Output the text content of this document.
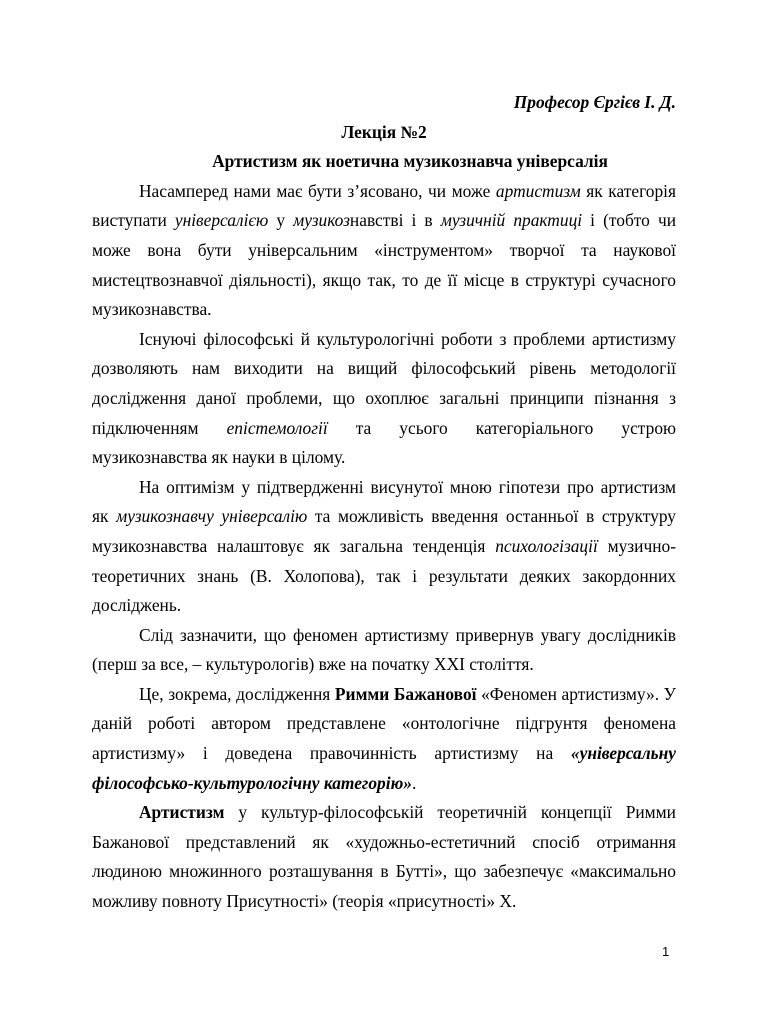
Професор Єргієв І. Д.
Лекція №2
Артистизм як ноетична музикознавча універсалія

Насамперед нами має бути з’ясовано, чи може артистизм як категорія виступати універсалією у музикознавстві і в музичній практиці і (тобто чи може вона бути універсальним «інструментом» творчої та наукової мистецтвознавчої діяльності), якщо так, то де її місце в структурі сучасного музикознавства.

Існуючі філософські й культурологічні роботи з проблеми артистизму дозволяють нам виходити на вищий філософський рівень методології дослідження даної проблеми, що охоплює загальні принципи пізнання з підключенням епістемології та усього категоріального устрою музикознавства як науки в цілому.

На оптимізм у підтвердженні висунутої мною гіпотези про артистизм як музикознавчу універсалію та можливість введення останньої в структуру музикознавства налаштовує як загальна тенденція психологізації музично-теоретичних знань (В. Холопова), так і результати деяких закордонних досліджень.

Слід зазначити, що феномен артистизму привернув увагу дослідників (перш за все, – культурологів) вже на початку XXI століття.

Це, зокрема, дослідження Римми Бажанової «Феномен артистизму». У даній роботі автором представлене «онтологічне підгрунтя феномена артистизму» і доведена правочинність артистизму на «універсальну філософсько-культурологічну категорію».

Артистизм у культур-філософській теоретичній концепції Римми Бажанової представлений як «художньо-естетичний спосіб отримання людиною множинного розташування в Бутті», що забезпечує «максимально можливу повноту Присутності» (теорія «присутності» Х.

1
